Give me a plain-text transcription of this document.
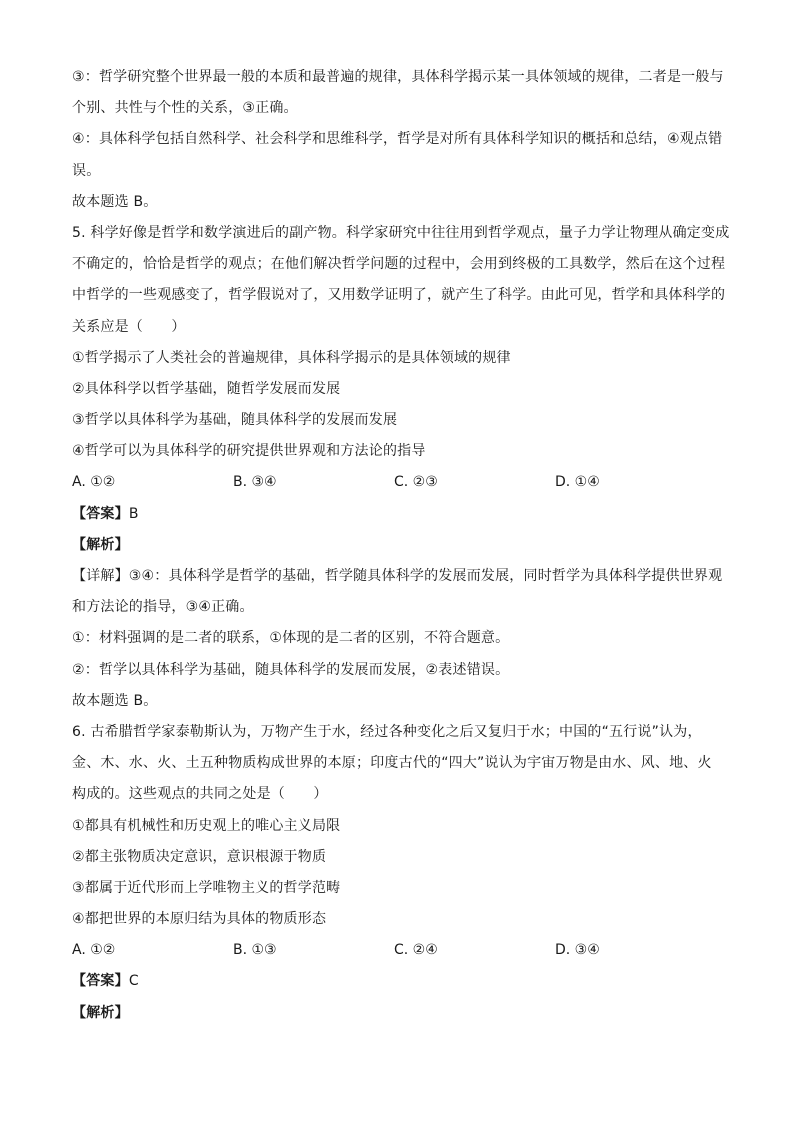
③：哲学研究整个世界最一般的本质和最普遍的规律，具体科学揭示某一具体领域的规律，二者是一般与
个别、共性与个性的关系，③正确。
④：具体科学包括自然科学、社会科学和思维科学，哲学是对所有具体科学知识的概括和总结，④观点错
误。
故本题选 B。
5. 科学好像是哲学和数学演进后的副产物。科学家研究中往往用到哲学观点，量子力学让物理从确定变成
不确定的，恰恰是哲学的观点；在他们解决哲学问题的过程中，会用到终极的工具数学，然后在这个过程
中哲学的一些观感变了，哲学假说对了，又用数学证明了，就产生了科学。由此可见，哲学和具体科学的
关系应是（　　）
①哲学揭示了人类社会的普遍规律，具体科学揭示的是具体领域的规律
②具体科学以哲学基础，随哲学发展而发展
③哲学以具体科学为基础，随具体科学的发展而发展
④哲学可以为具体科学的研究提供世界观和方法论的指导
A. ①②	B. ③④	C. ②③	D. ①④
【答案】B
【解析】
【详解】③④：具体科学是哲学的基础，哲学随具体科学的发展而发展，同时哲学为具体科学提供世界观
和方法论的指导，③④正确。
①：材料强调的是二者的联系，①体现的是二者的区别，不符合题意。
②：哲学以具体科学为基础，随具体科学的发展而发展，②表述错误。
故本题选 B。
6. 古希腊哲学家泰勒斯认为，万物产生于水，经过各种变化之后又复归于水；中国的“五行说”认为，
金、木、水、火、土五种物质构成世界的本原；印度古代的“四大”说认为宇宙万物是由水、风、地、火
构成的。这些观点的共同之处是（　　）
①都具有机械性和历史观上的唯心主义局限
②都主张物质决定意识，意识根源于物质
③都属于近代形而上学唯物主义的哲学范畴
④都把世界的本原归结为具体的物质形态
A. ①②	B. ①③	C. ②④	D. ③④
【答案】C
【解析】
